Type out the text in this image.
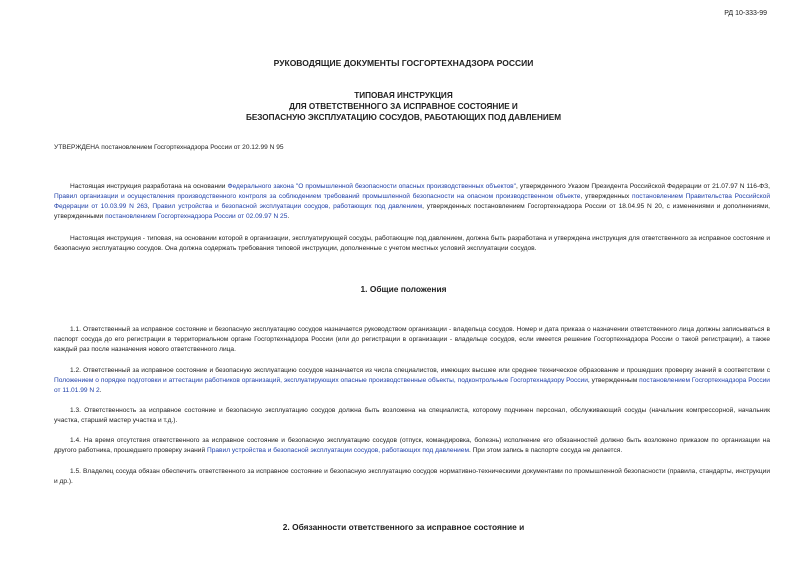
РД 10-333-99
РУКОВОДЯЩИЕ ДОКУМЕНТЫ ГОСГОРТЕХНАДЗОРА РОССИИ
ТИПОВАЯ ИНСТРУКЦИЯ
ДЛЯ ОТВЕТСТВЕННОГО ЗА ИСПРАВНОЕ СОСТОЯНИЕ И
БЕЗОПАСНУЮ ЭКСПЛУАТАЦИЮ СОСУДОВ, РАБОТАЮЩИХ ПОД ДАВЛЕНИЕМ
УТВЕРЖДЕНА постановлением Госгортехнадзора России от 20.12.99 N 95
Настоящая инструкция разработана на основании Федерального закона "О промышленной безопасности опасных производственных объектов", утвержденного Указом Президента Российской Федерации от 21.07.97 N 116-ФЗ, Правил организации и осуществления производственного контроля за соблюдением требований промышленной безопасности на опасном производственном объекте, утвержденных постановлением Правительства Российской Федерации от 10.03.99 N 263, Правил устройства и безопасной эксплуатации сосудов, работающих под давлением, утвержденных постановлением Госгортехнадзора России от 18.04.95 N 20, с изменениями и дополнениями, утвержденными постановлением Госгортехнадзора России от 02.09.97 N 25.
Настоящая инструкция - типовая, на основании которой в организации, эксплуатирующей сосуды, работающие под давлением, должна быть разработана и утверждена инструкция для ответственного за исправное состояние и безопасную эксплуатацию сосудов. Она должна содержать требования типовой инструкции, дополненные с учетом местных условий эксплуатации сосудов.
1. Общие положения
1.1. Ответственный за исправное состояние и безопасную эксплуатацию сосудов назначается руководством организации - владельца сосудов. Номер и дата приказа о назначении ответственного лица должны записываться в паспорт сосуда до его регистрации в территориальном органе Госгортехнадзора России (или до регистрации в организации - владельце сосудов, если имеется решение Госгортехнадзора России о такой регистрации), а также каждый раз после назначения нового ответственного лица.
1.2. Ответственный за исправное состояние и безопасную эксплуатацию сосудов назначается из числа специалистов, имеющих высшее или среднее техническое образование и прошедших проверку знаний в соответствии с Положением о порядке подготовки и аттестации работников организаций, эксплуатирующих опасные производственные объекты, подконтрольные Госгортехнадзору России, утвержденным постановлением Госгортехнадзора России от 11.01.99 N 2.
1.3. Ответственность за исправное состояние и безопасную эксплуатацию сосудов должна быть возложена на специалиста, которому подчинен персонал, обслуживающий сосуды (начальник компрессорной, начальник участка, старший мастер участка и т.д.).
1.4. На время отсутствия ответственного за исправное состояние и безопасную эксплуатацию сосудов (отпуск, командировка, болезнь) исполнение его обязанностей должно быть возложено приказом по организации на другого работника, прошедшего проверку знаний Правил устройства и безопасной эксплуатации сосудов, работающих под давлением. При этом запись в паспорте сосуда не делается.
1.5. Владелец сосуда обязан обеспечить ответственного за исправное состояние и безопасную эксплуатацию сосудов нормативно-техническими документами по промышленной безопасности (правила, стандарты, инструкции и др.).
2. Обязанности ответственного за исправное состояние и
